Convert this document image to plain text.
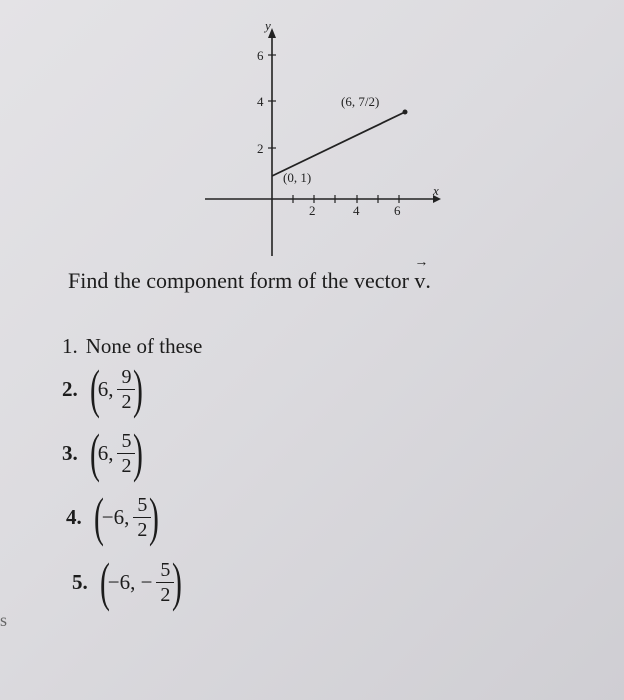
x
y
6
4
2
2	4	6
(0, 1)
(6, 7/2)
Find the component form of the vector
→
v.
1. None of these
2. (
6, $\frac{9}{2}$
)
3. (
6, $\frac{5}{2}$
)
4. (
−6, $\frac{5}{2}$
)
5. (
−6, − $\frac{5}{2}$
)
s
